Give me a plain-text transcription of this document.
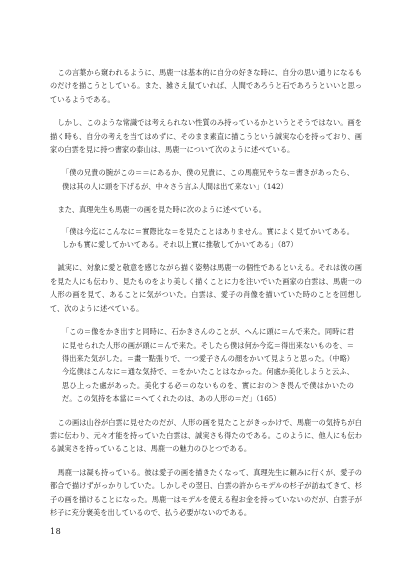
この言葉から窺われるように、馬鹿一は基本的に自分の好きな時に、自分の思い通りになるものだけを描こうとしている。また、雑さえ鼠ていれば、人間であろうと石であろうといいと思っているようである。

しかし、このような常識では考えられない性質のみ持っているかというとそうではない。画を描く時も、自分の考えを当てはめずに、そのまま素直に描こうという誠実な心を持っており、画家の白雲を見に持つ書家の泰山は、馬鹿一について次のように述べている。

「僕の兄貴の腕がこの＝＝にあるか、僕の兄貴に、この馬鹿兄やうな＝書きがあったら、僕は其の人に頭を下げるが、中々さう言ふ人間は出て来ない」（142）

また、真理先生も馬鹿一の画を見た時に次のように述べている。

「僕は今迄にこんなに＝實際比な＝を見たことはありません。實によく見てかいてある。しかも實に愛してかいてある。それ以上實に推敬してかいてある」（87）

誠実に、対象に愛と敬意を感じながら描く姿勢は馬鹿一の個性であるといえる。それは彼の画を見た人にも伝わり、見たものをより美しく描くことに力を注いでいた画家の白雲は、馬鹿一の人形の画を見て、あることに気がついた。白雲は、愛子の肖像を描いていた時のことを回想して、次のように述べている。

「この＝像をかき出すと同時に、石かきさんのことが、へんに頭に＝んで来た。同時に君に見せられた人形の画が頭に＝んで来た。そしたら僕は何か今迄＝得出来ないものを、＝得出来た気がした。＝畫一點張りで、一つ愛子さんの顔をかいて見ようと思った。（中略）今迄僕はこんなに＝通な気持で、＝をかいたことはなかった。何處か美化しようと云ふ、思ひ上った處があった。美化する必＝のないものを、實におの＞き畏んで僕はかいたのだ。この気持を本當に＝へてくれたのは、あの人形の＝だ」（165）

この画は山谷が白雲に見せたのだが、人形の画を見たことがきっかけで、馬鹿一の気持ちが白雲に伝わり、元々才能を持っていた白雲は、誠実さも得たのである。このように、他人にも伝わる誠実さを持っていることは、馬鹿一の魅力のひとつである。

馬鹿一は凝も持っている。彼は愛子の画を描きたくなって、真理先生に頼みに行くが、愛子の都合で描けずがっかりしていた。しかしその翌日、白雲の許からモデルの杉子が訪ねてきて、杉子の画を描けることになった。馬鹿一はモデルを使える程お金を持っていないのだが、白雲子が杉子に充分褒美を出しているので、払う必要がないのである。

18
